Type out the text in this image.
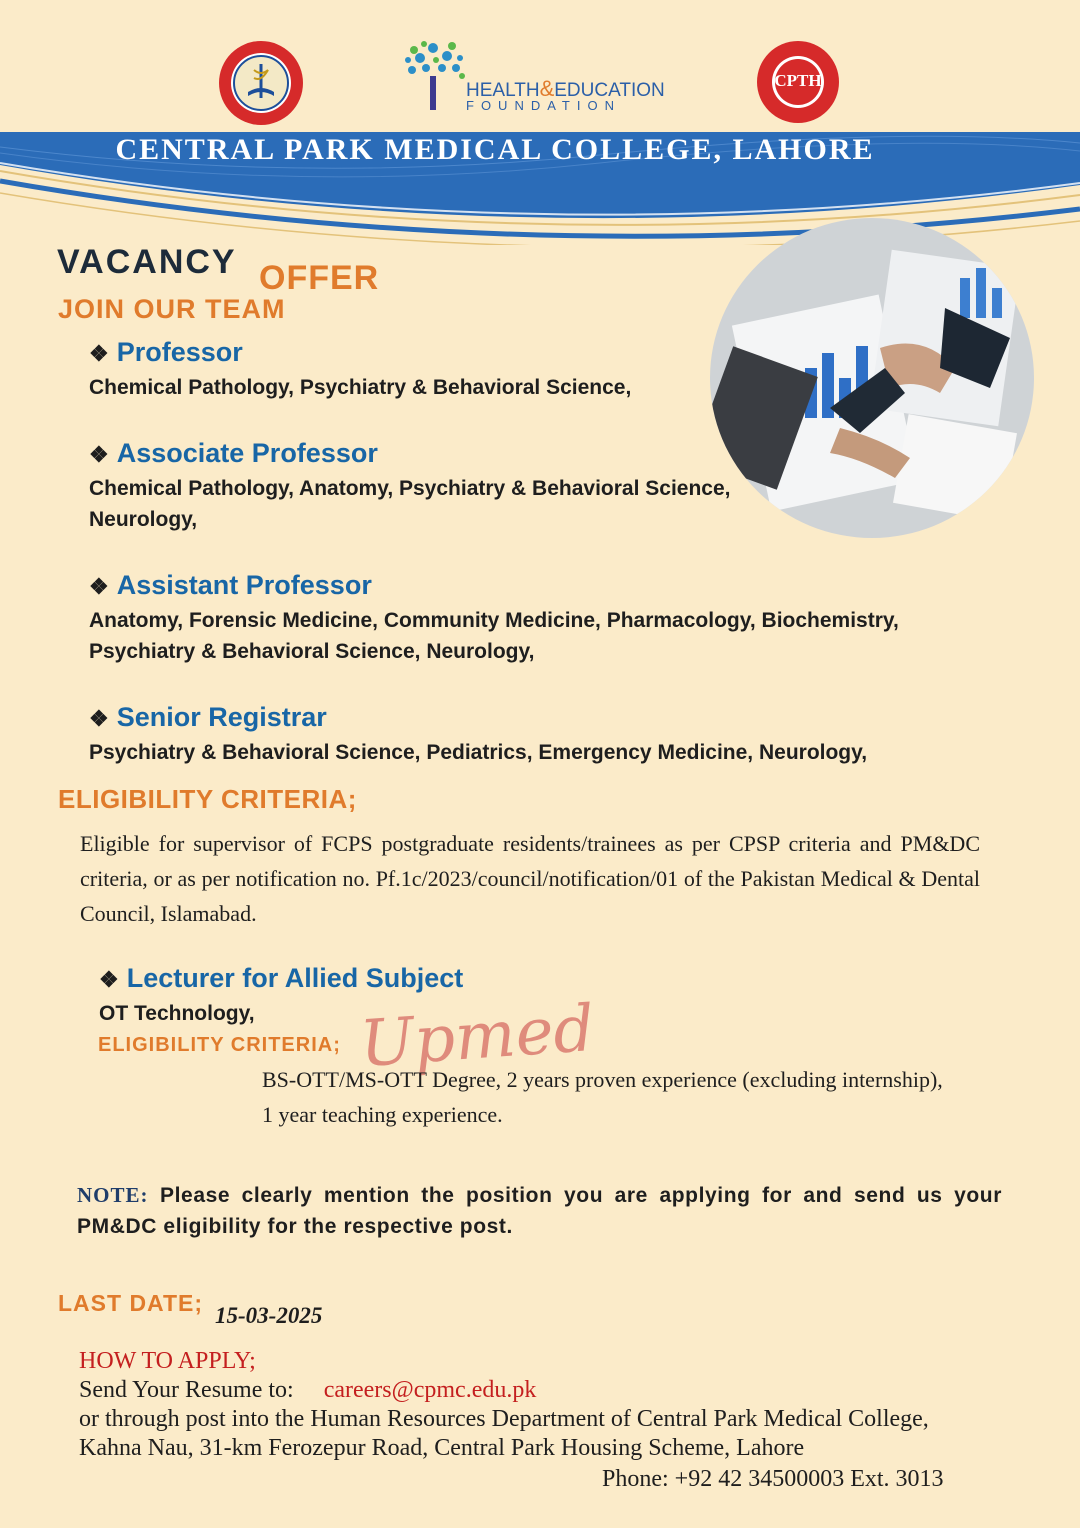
HEALTH&EDUCATION
FOUNDATION
CPTH
CENTRAL PARK MEDICAL COLLEGE, LAHORE
VACANCY OFFER
JOIN OUR TEAM
❖ Professor
Chemical Pathology, Psychiatry & Behavioral Science,
❖ Associate Professor
Chemical Pathology, Anatomy, Psychiatry & Behavioral Science,
Neurology,
❖ Assistant Professor
Anatomy, Forensic Medicine, Community Medicine, Pharmacology, Biochemistry,
Psychiatry & Behavioral Science, Neurology,
❖ Senior Registrar
Psychiatry & Behavioral Science, Pediatrics, Emergency Medicine, Neurology,
ELIGIBILITY CRITERIA;
Eligible for supervisor of FCPS postgraduate residents/trainees as per CPSP criteria and PM&DC criteria, or as per notification no. Pf.1c/2023/council/notification/01 of the Pakistan Medical & Dental Council, Islamabad.
❖ Lecturer for Allied Subject
OT Technology,
ELIGIBILITY CRITERIA; Upmed
BS-OTT/MS-OTT Degree, 2 years proven experience (excluding internship),
1 year teaching experience.
NOTE: Please clearly mention the position you are applying for and send us your PM&DC eligibility for the respective post.
LAST DATE; 15-03-2025
HOW TO APPLY;
Send Your Resume to: careers@cpmc.edu.pk
or through post into the Human Resources Department of Central Park Medical College,
Kahna Nau, 31-km Ferozepur Road, Central Park Housing Scheme, Lahore
Phone: +92 42 34500003 Ext. 3013
